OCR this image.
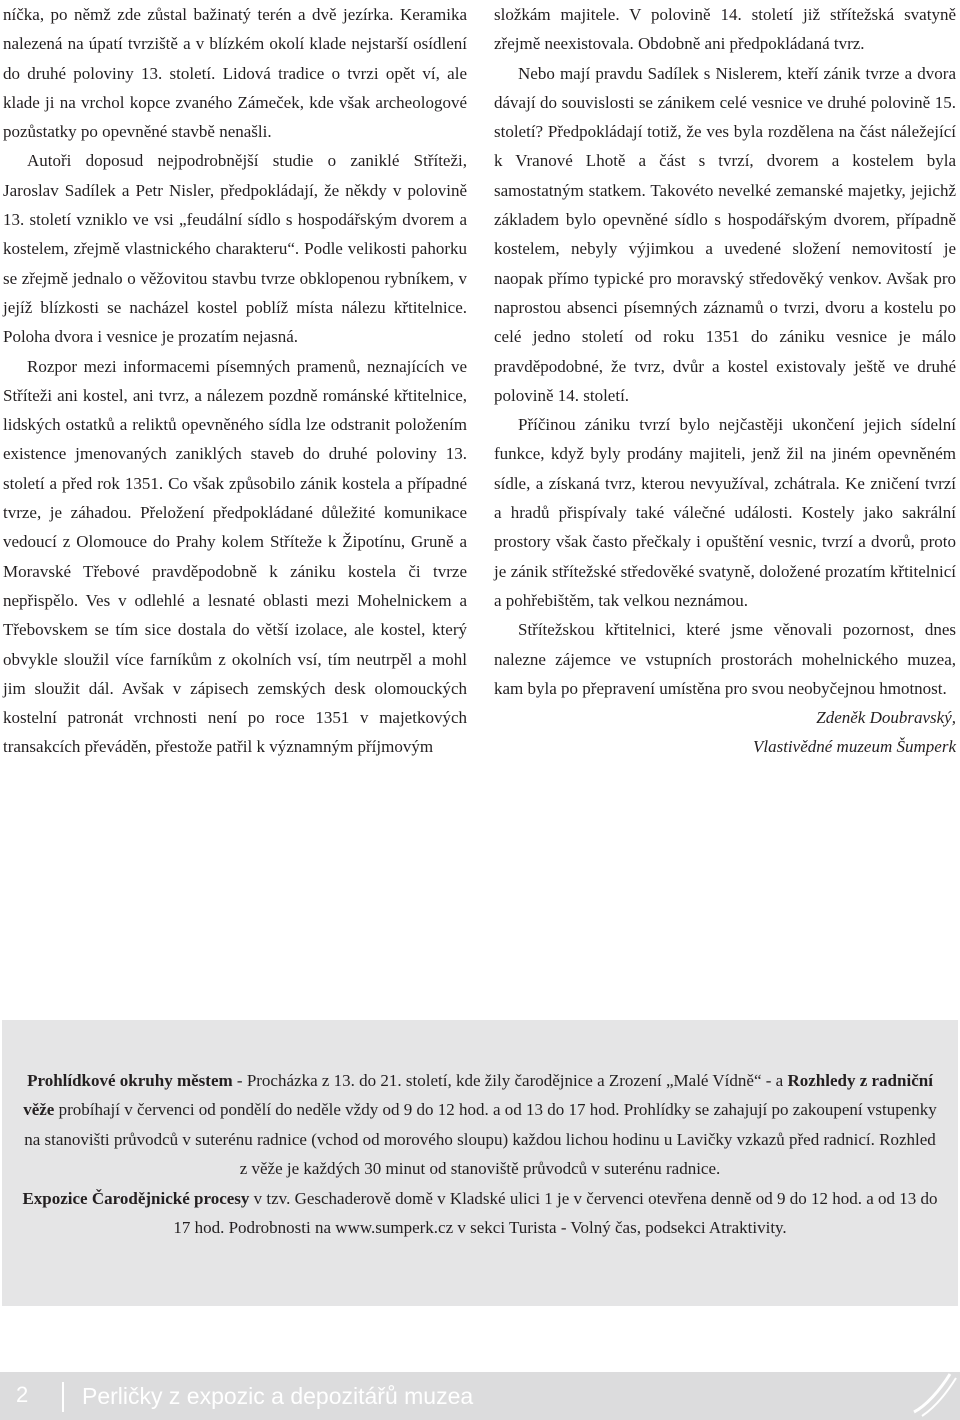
níčka, po němž zde zůstal bažinatý terén a dvě jezírka. Keramika nalezená na úpatí tvrziště a v blízkém okolí klade nejstarší osídlení do druhé poloviny 13. století. Lidová tradice o tvrzi opět ví, ale klade ji na vrchol kopce zvaného Zámeček, kde však archeologové pozůstatky po opevněné stavbě nenašli.

Autoři doposud nejpodrobnější studie o zaniklé Stříteži, Jaroslav Sadílek a Petr Nisler, předpokládají, že někdy v polovině 13. století vzniklo ve vsi „feudální sídlo s hospodářským dvorem a kostelem, zřejmě vlastnického charakteru“. Podle velikosti pahorku se zřejmě jednalo o věžovitou stavbu tvrze obklopenou rybníkem, v jejíž blízkosti se nacházel kostel poblíž místa nálezu křtitelnice. Poloha dvora i vesnice je prozatím nejasná.

Rozpor mezi informacemi písemných pramenů, neznajících ve Stříteži ani kostel, ani tvrz, a nálezem pozdně románské křtitelnice, lidských ostatků a reliktů opevněného sídla lze odstranit položením existence jmenovaných zaniklých staveb do druhé poloviny 13. století a před rok 1351. Co však způsobilo zánik kostela a případné tvrze, je záhadou. Přeložení předpokládané důležité komunikace vedoucí z Olomouce do Prahy kolem Stříteže k Žipotínu, Gruně a Moravské Třebové pravděpodobně k zániku kostela či tvrze nepřispělo. Ves v odlehlé a lesnaté oblasti mezi Mohelnickem a Třebovskem se tím sice dostala do větší izolace, ale kostel, který obvykle sloužil více farníkům z okolních vsí, tím neutrpěl a mohl jim sloužit dál. Avšak v zápisech zemských desk olomouckých kostelní patronát vrchnosti není po roce 1351 v majetkových transakcích převáděn, přestože patřil k významným příjmovým

složkám majitele. V polovině 14. století již střítežská svatyně zřejmě neexistovala. Obdobně ani předpokládaná tvrz.

Nebo mají pravdu Sadílek s Nislerem, kteří zánik tvrze a dvora dávají do souvislosti se zánikem celé vesnice ve druhé polovině 15. století? Předpokládají totiž, že ves byla rozdělena na část náležející k Vranové Lhotě a část s tvrzí, dvorem a kostelem byla samostatným statkem. Takovéto nevelké zemanské majetky, jejichž základem bylo opevněné sídlo s hospodářským dvorem, případně kostelem, nebyly výjimkou a uvedené složení nemovitostí je naopak přímo typické pro moravský středověký venkov. Avšak pro naprostou absenci písemných záznamů o tvrzi, dvoru a kostelu po celé jedno století od roku 1351 do zániku vesnice je málo pravděpodobné, že tvrz, dvůr a kostel existovaly ještě ve druhé polovině 14. století.

Příčinou zániku tvrzí bylo nejčastěji ukončení jejich sídelní funkce, když byly prodány majiteli, jenž žil na jiném opevněném sídle, a získaná tvrz, kterou nevyužíval, zchátrala. Ke zničení tvrzí a hradů přispívaly také válečné události. Kostely jako sakrální prostory však často přečkaly i opuštění vesnic, tvrzí a dvorů, proto je zánik střítežské středověké svatyně, doložené prozatím křtitelnicí a pohřebištěm, tak velkou neznámou.

Střítežskou křtitelnici, které jsme věnovali pozornost, dnes nalezne zájemce ve vstupních prostorách mohelnického muzea, kam byla po přepravení umístěna pro svou neobyčejnou hmotnost.

Zdeněk Doubravský,

Vlastivědné muzeum Šumperk

Prohlídkové okruhy městem - Procházka z 13. do 21. století, kde žily čarodějnice a Zrození „Malé Vídně“ - a Rozhledy z radniční věže probíhají v červenci od pondělí do neděle vždy od 9 do 12 hod. a od 13 do 17 hod. Prohlídky se zahajují po zakoupení vstupenky na stanovišti průvodců v suterénu radnice (vchod od morového sloupu) každou lichou hodinu u Lavičky vzkazů před radnicí. Rozhled z věže je každých 30 minut od stanoviště průvodců v suterénu radnice.
Expozice Čarodějnické procesy v tzv. Geschaderově domě v Kladské ulici 1 je v červenci otevřena denně od 9 do 12 hod. a od 13 do 17 hod. Podrobnosti na www.sumperk.cz v sekci Turista - Volný čas, podsekci Atraktivity.
2 Perličky z expozic a depozitářů muzea
